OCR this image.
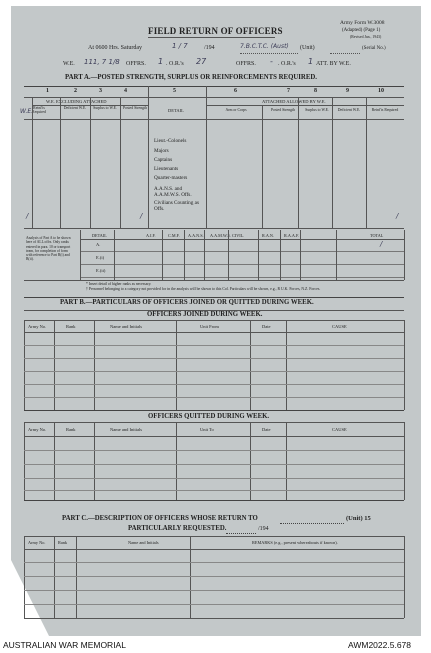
FIELD RETURN OF OFFICERS
Army Form W.3008
(Adapted) (Page 1)
(Revised Jan., 1943)
At 0600 Hrs. Saturday	1 / 7	/194	7.B.C.T.C. (Aust) (Unit)	(Serial No.)
W.E. 111, 7 1/8 OFFRS. 1 . O.R.'s 27	OFFRS. - . O.R.'s 1 ATT. BY W.E.
PART A.—POSTED STRENGTH, SURPLUS OR REINFORCEMENTS REQUIRED.
1	2	3	4	5	6	7	8	9	10
W.E. EXCLUDING ATTACHED	ATTACHED ALLOWED BY W.E.
W.E. Reinf'ts Required
Deficient W.E.	Surplus to W.E. Posted Strength	DETAIL	Arm or Corps	Posted Strength	Surplus to W.E.	Deficient W.E.	Reinf'ts Required
Lieut.-Colonels
Majors
Captains
Lieutenants
Quarter-masters
A.A.N.S. and A.A.M.W.S. Offs.
Civilians Counting as Offs.
/
/	/
Analysis of Part A to be shown here of ALL offrs. Only ranks entered in para. 10 or transport team, for completion of form with reference to Part B(i) and B(ii).
DETAIL	A.I.F.	C.M.F. A.A.N.S. A.A.M.W.S. CIVIL.	R.A.N. R.A.A.F.	TOTAL
A.
E.(i)
E.(ii)
/
* Insert detail of higher ranks as necessary.
† Personnel belonging to a category not provided for in the analysis will be shown to this Col. Particulars will be shown, e.g., R U.K. Forces, N.Z. Forces.
PART B.—PARTICULARS OF OFFICERS JOINED OR QUITTED DURING WEEK.
OFFICERS JOINED DURING WEEK.
Army No.	Rank	Name and Initials	Unit From	Date	CAUSE
OFFICERS QUITTED DURING WEEK.
Army No.	Rank	Name and Initials	Unit To	Date	CAUSE
PART C.—DESCRIPTION OF OFFICERS WHOSE RETURN TO	(Unit) 15
PARTICULARLY REQUESTED.	/194
Army No.	Rank	Name and Initials	REMARKS (e.g., present whereabouts if known).
AUSTRALIAN WAR MEMORIAL	AWM2022.5.678
